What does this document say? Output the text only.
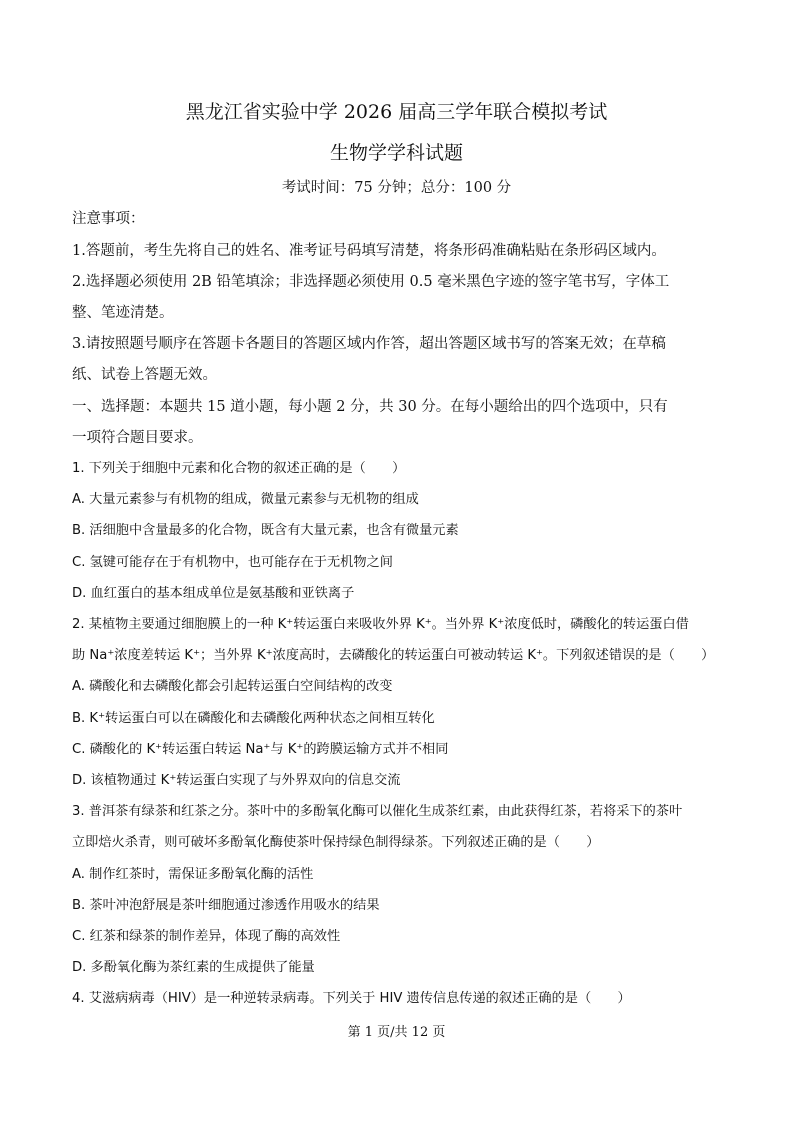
黑龙江省实验中学 2026 届高三学年联合模拟考试
生物学学科试题
考试时间：75 分钟；总分：100 分
注意事项：
1.答题前，考生先将自己的姓名、准考证号码填写清楚，将条形码准确粘贴在条形码区域内。
2.选择题必须使用 2B 铅笔填涂；非选择题必须使用 0.5 毫米黑色字迹的签字笔书写，字体工
整、笔迹清楚。
3.请按照题号顺序在答题卡各题目的答题区域内作答，超出答题区域书写的答案无效；在草稿
纸、试卷上答题无效。
一、选择题：本题共 15 道小题，每小题 2 分，共 30 分。在每小题给出的四个选项中，只有
一项符合题目要求。
1. 下列关于细胞中元素和化合物的叙述正确的是（　　）
A. 大量元素参与有机物的组成，微量元素参与无机物的组成
B. 活细胞中含量最多的化合物，既含有大量元素，也含有微量元素
C. 氢键可能存在于有机物中，也可能存在于无机物之间
D. 血红蛋白的基本组成单位是氨基酸和亚铁离子
2. 某植物主要通过细胞膜上的一种 K⁺转运蛋白来吸收外界 K⁺。当外界 K⁺浓度低时，磷酸化的转运蛋白借
助 Na⁺浓度差转运 K⁺；当外界 K⁺浓度高时，去磷酸化的转运蛋白可被动转运 K⁺。下列叙述错误的是（　　）
A. 磷酸化和去磷酸化都会引起转运蛋白空间结构的改变
B. K⁺转运蛋白可以在磷酸化和去磷酸化两种状态之间相互转化
C. 磷酸化的 K⁺转运蛋白转运 Na⁺与 K⁺的跨膜运输方式并不相同
D. 该植物通过 K⁺转运蛋白实现了与外界双向的信息交流
3. 普洱茶有绿茶和红茶之分。茶叶中的多酚氧化酶可以催化生成茶红素，由此获得红茶，若将采下的茶叶
立即焙火杀青，则可破坏多酚氧化酶使茶叶保持绿色制得绿茶。下列叙述正确的是（　　）
A. 制作红茶时，需保证多酚氧化酶的活性
B. 茶叶冲泡舒展是茶叶细胞通过渗透作用吸水的结果
C. 红茶和绿茶的制作差异，体现了酶的高效性
D. 多酚氧化酶为茶红素的生成提供了能量
4. 艾滋病病毒（HIV）是一种逆转录病毒。下列关于 HIV 遗传信息传递的叙述正确的是（　　）
第 1 页/共 12 页
